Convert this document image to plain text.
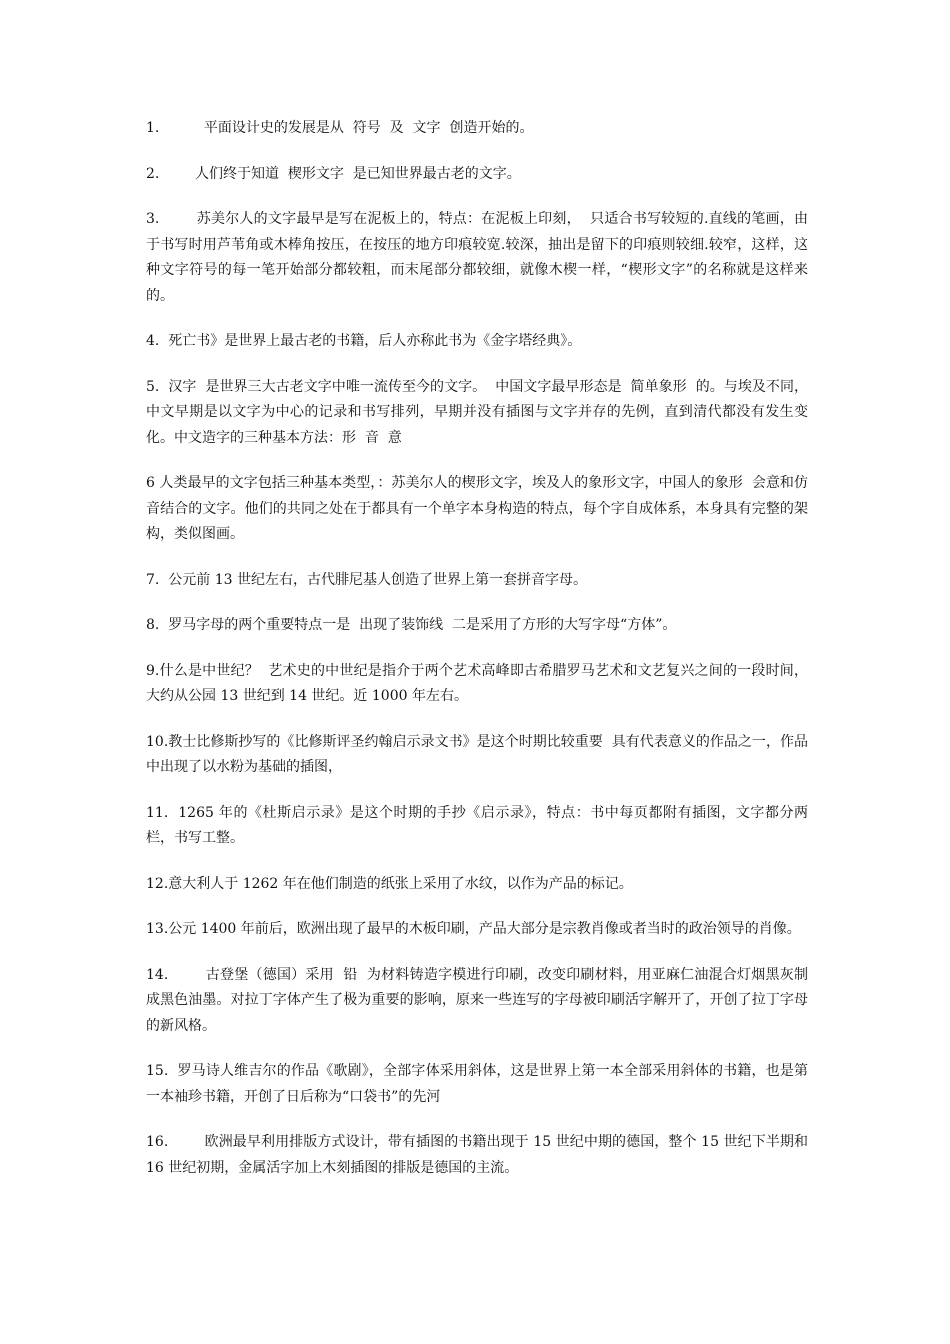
1.          平面设计史的发展是从  符号  及  文字  创造开始的。

2.        人们终于知道  楔形文字  是已知世界最古老的文字。

3.        苏美尔人的文字最早是写在泥板上的，特点：在泥板上印刻，  只适合书写较短的.直线的笔画，由于书写时用芦苇角或木棒角按压，在按压的地方印痕较宽.较深，抽出是留下的印痕则较细.较窄，这样，这种文字符号的每一笔开始部分都较粗，而末尾部分都较细，就像木楔一样，“楔形文字”的名称就是这样来的。

4.  死亡书》是世界上最古老的书籍，后人亦称此书为《金字塔经典》。

5.  汉字  是世界三大古老文字中唯一流传至今的文字。  中国文字最早形态是  简单象形  的。与埃及不同，中文早期是以文字为中心的记录和书写排列，早期并没有插图与文字并存的先例，直到清代都没有发生变化。中文造字的三种基本方法：形  音  意

6 人类最早的文字包括三种基本类型，：苏美尔人的楔形文字，埃及人的象形文字，中国人的象形  会意和仿音结合的文字。他们的共同之处在于都具有一个单字本身构造的特点，每个字自成体系，本身具有完整的架构，类似图画。

7.  公元前 13 世纪左右，古代腓尼基人创造了世界上第一套拼音字母。

8.  罗马字母的两个重要特点一是  出现了装饰线  二是采用了方形的大写字母“方体”。

9.什么是中世纪？  艺术史的中世纪是指介于两个艺术高峰即古希腊罗马艺术和文艺复兴之间的一段时间，大约从公园 13 世纪到 14 世纪。近 1000 年左右。

10.教士比修斯抄写的《比修斯评圣约翰启示录文书》是这个时期比较重要  具有代表意义的作品之一，作品中出现了以水粉为基础的插图，

11.  1265 年的《杜斯启示录》是这个时期的手抄《启示录》，特点：书中每页都附有插图，文字都分两栏，书写工整。

12.意大利人于 1262 年在他们制造的纸张上采用了水纹，以作为产品的标记。

13.公元 1400 年前后，欧洲出现了最早的木板印刷，产品大部分是宗教肖像或者当时的政治领导的肖像。

14.        古登堡（德国）采用  铅  为材料铸造字模进行印刷，改变印刷材料，用亚麻仁油混合灯烟黑灰制成黑色油墨。对拉丁字体产生了极为重要的影响，原来一些连写的字母被印刷活字解开了，开创了拉丁字母的新风格。

15.  罗马诗人维吉尔的作品《歌剧》，全部字体采用斜体，这是世界上第一本全部采用斜体的书籍，也是第一本袖珍书籍，开创了日后称为“口袋书”的先河

16.        欧洲最早利用排版方式设计，带有插图的书籍出现于 15 世纪中期的德国，整个 15 世纪下半期和 16 世纪初期，金属活字加上木刻插图的排版是德国的主流。
